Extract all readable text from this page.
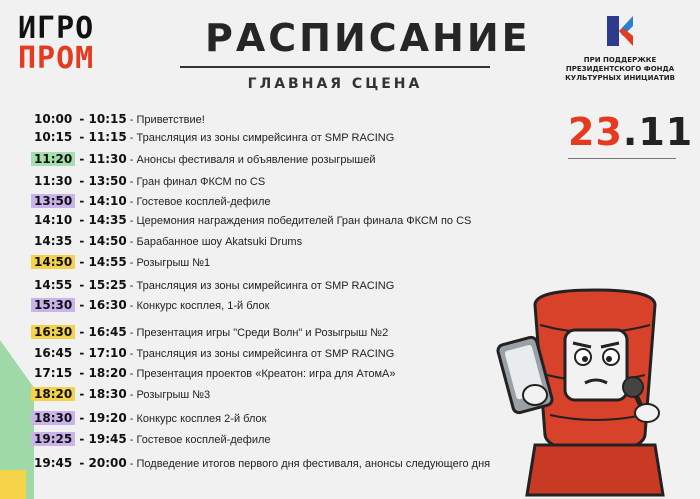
ИГРО
ПРОМ	РАСПИСАНИЕ
ГЛАВНАЯ СЦЕНА
ПРИ ПОДДЕРЖКЕ
ПРЕЗИДЕНТСКОГО ФОНДА
КУЛЬТУРНЫХ ИНИЦИАТИВ
23.11
10:00 - 10:15 - Приветствие!
10:15 - 11:15 - Трансляция из зоны симрейсинга от SMP RACING
11:20 - 11:30 - Анонсы фестиваля и объявление розыгрышей
11:30 - 13:50 - Гран финал ФКСМ по CS
13:50 - 14:10 - Гостевое косплей-дефиле
14:10 - 14:35 - Церемония награждения победителей Гран финала ФКСМ по CS
14:35 - 14:50 - Барабанное шоу Akatsuki Drums
14:50 - 14:55 - Розыгрыш №1
14:55 - 15:25 - Трансляция из зоны симрейсинга от SMP RACING
15:30 - 16:30 - Конкурс косплея, 1-й блок
16:30 - 16:45 - Презентация игры "Среди Волн" и Розыгрыш №2
16:45 - 17:10 - Трансляция из зоны симрейсинга от SMP RACING
17:15 - 18:20 - Презентация проектов «Креатон: игра для АтомА»
18:20 - 18:30 - Розыгрыш №3
18:30 - 19:20 - Конкурс косплея 2-й блок
19:25 - 19:45 - Гостевое косплей-дефиле
19:45 - 20:00 - Подведение итогов первого дня фестиваля, анонсы следующего дня
